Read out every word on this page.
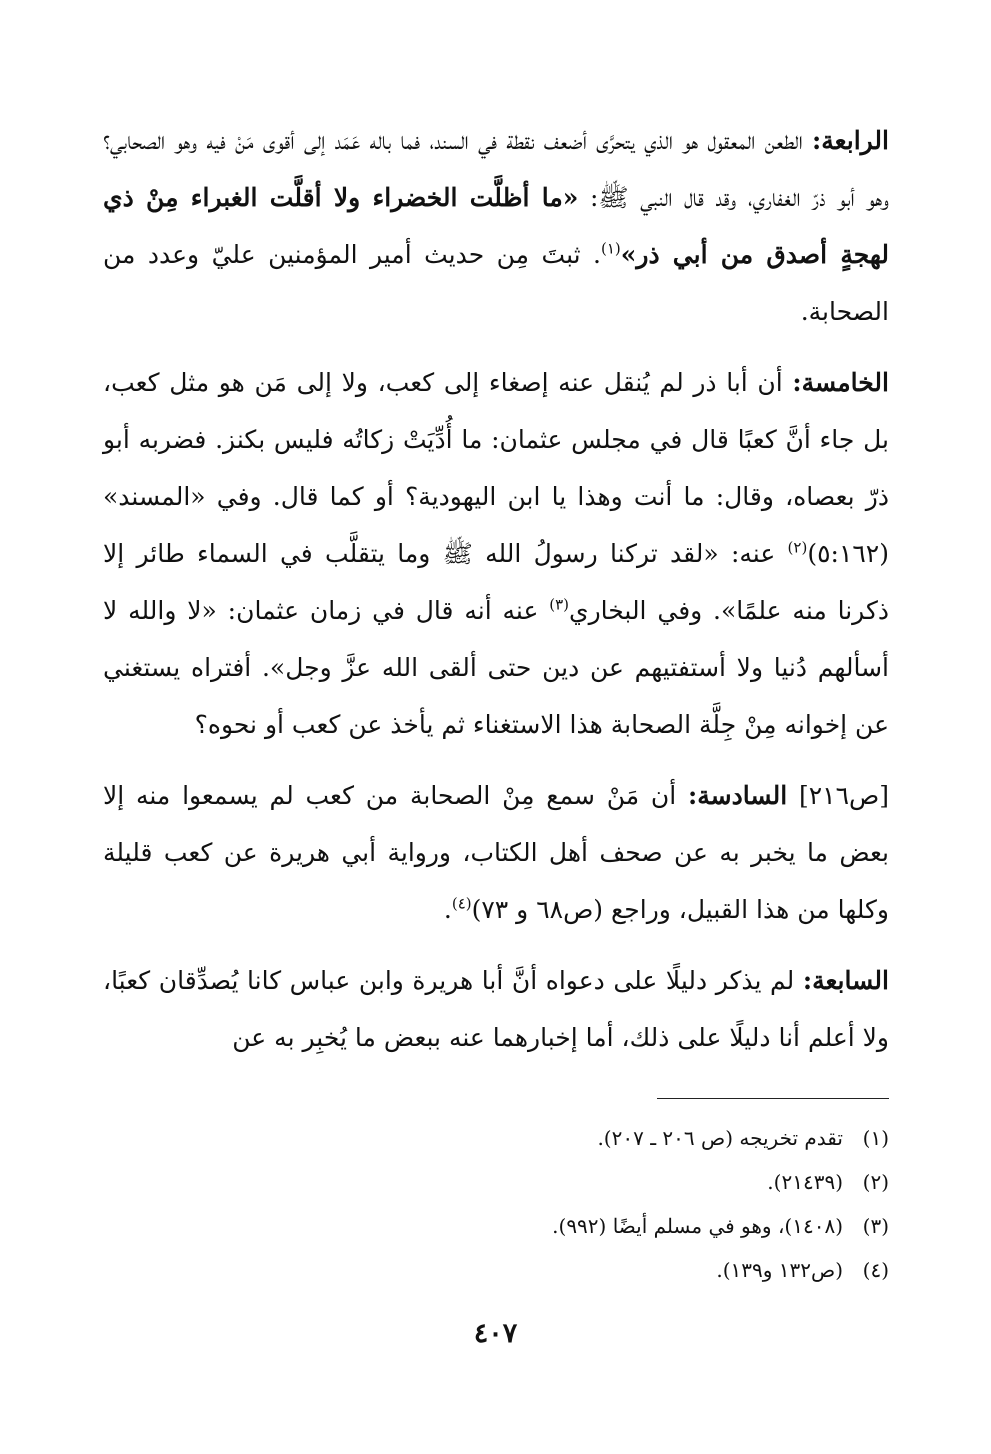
الرابعة: الطعن المعقول هو الذي يتحرَّى أضعف نقطة في السند، فما باله عَمَد إلى أقوى مَنْ فيه وهو الصحابي؟ وهو أبو ذرّ الغفاري، وقد قال النبي ﷺ: «ما أظلَّت الخضراء ولا أقلَّت الغبراء مِنْ ذي لهجةٍ أصدق من أبي ذر»$^{(١)}$. ثبتَ مِن حديث أمير المؤمنين عليّ وعدد من الصحابة.

الخامسة: أن أبا ذر لم يُنقل عنه إصغاء إلى كعب، ولا إلى مَن هو مثل كعب، بل جاء أنَّ كعبًا قال في مجلس عثمان: ما أُدِّيَتْ زكاتُه فليس بكنز. فضربه أبو ذرّ بعصاه، وقال: ما أنت وهذا يا ابن اليهودية؟ أو كما قال. وفي «المسند» (٥:١٦٢)$^{(٢)}$ عنه: «لقد تركنا رسولُ الله ﷺ وما يتقلَّب في السماء طائر إلا ذكرنا منه علمًا». وفي البخاري$^{(٣)}$ عنه أنه قال في زمان عثمان: «لا والله لا أسألهم دُنيا ولا أستفتيهم عن دين حتى ألقى الله عزَّ وجل». أفتراه يستغني عن إخوانه مِنْ جِلَّة الصحابة هذا الاستغناء ثم يأخذ عن كعب أو نحوه؟

[ص٢١٦] السادسة: أن مَنْ سمع مِنْ الصحابة من كعب لم يسمعوا منه إلا بعض ما يخبر به عن صحف أهل الكتاب، ورواية أبي هريرة عن كعب قليلة وكلها من هذا القبيل، وراجع (ص٦٨ و ٧٣)$^{(٤)}$.

السابعة: لم يذكر دليلًا على دعواه أنَّ أبا هريرة وابن عباس كانا يُصدِّقان كعبًا، ولا أعلم أنا دليلًا على ذلك، أما إخبارهما عنه ببعض ما يُخبِر به عن

(١)تقدم تخريجه (ص ٢٠٦ ـ ٢٠٧).

(٢)(٢١٤٣٩).

(٣)(١٤٠٨)، وهو في مسلم أيضًا (٩٩٢).

(٤)(ص١٣٢ و١٣٩).

٤٠٧
